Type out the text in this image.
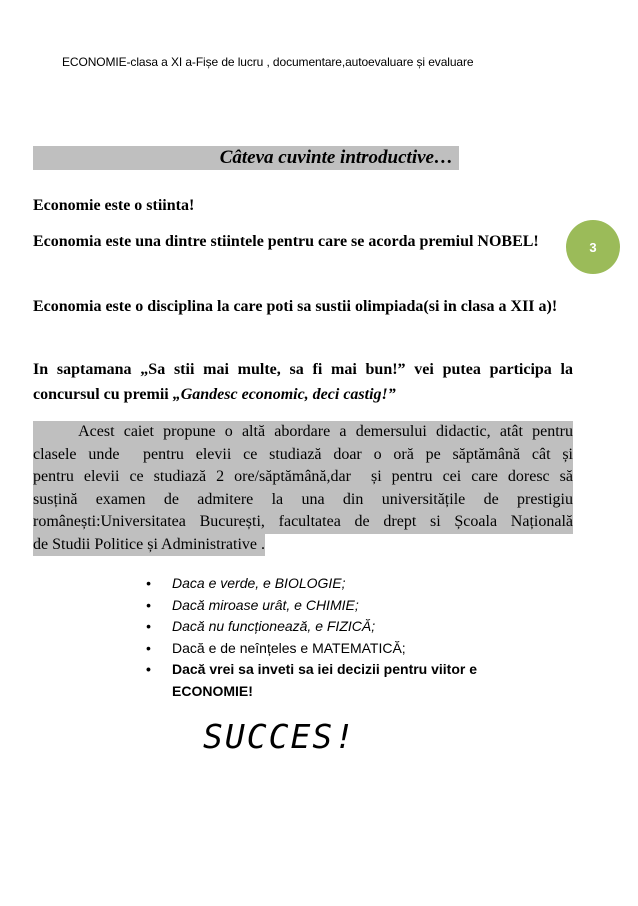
ECONOMIE-clasa a XI a-Fișe de lucru , documentare,autoevaluare și evaluare
3
Câteva cuvinte introductive…
Economie este o stiinta!
Economia este una dintre stiintele pentru care se acorda premiul NOBEL!
Economia este o disciplina la care poti sa sustii olimpiada(si in clasa a XII a)!
In saptamana „Sa stii mai multe, sa fi mai bun!” vei putea participa la concursul cu premii „Gandesc economic, deci castig!”
Acest caiet propune o altă abordare a demersului didactic, atât pentru
clasele unde  pentru elevii ce studiază doar o oră pe săptămână cât și
pentru elevii ce studiază 2 ore/săptămână,dar  și pentru cei care doresc să
susțină examen de admitere la una din universitățile de prestigiu
românești:Universitatea București, facultatea de drept si Școala Națională
de Studii Politice și Administrative .
• Daca e verde, e BIOLOGIE;
• Dacă miroase urât, e CHIMIE;
• Dacă nu funcționează, e FIZICĂ;
• Dacă e de neînțeles e MATEMATICĂ;
• Dacă vrei sa inveti sa iei decizii pentru viitor e ECONOMIE!
SUCCES!
